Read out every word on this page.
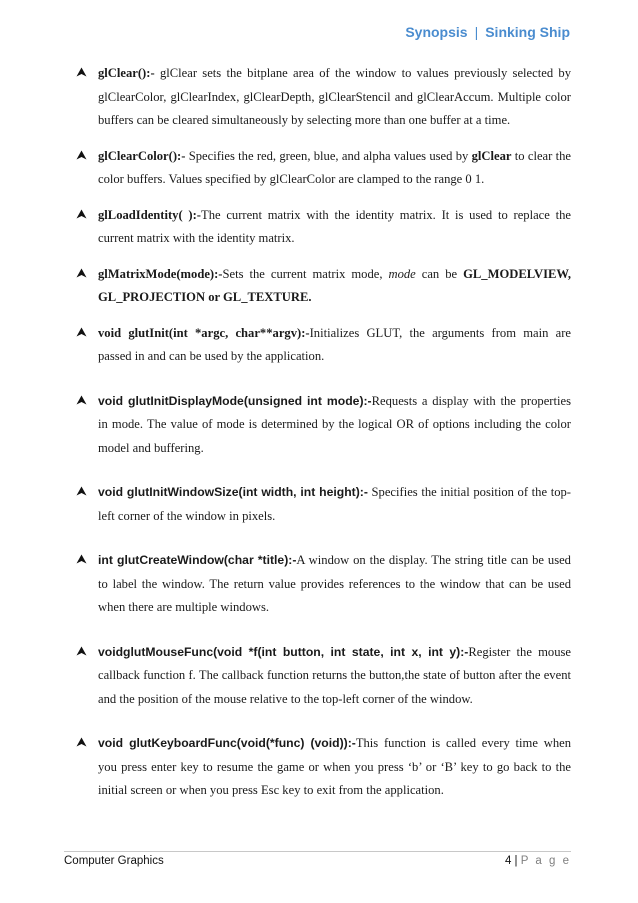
Synopsis | Sinking Ship
glClear():- glClear sets the bitplane area of the window to values previously selected by glClearColor, glClearIndex, glClearDepth, glClearStencil and glClearAccum. Multiple color buffers can be cleared simultaneously by selecting more than one buffer at a time.
glClearColor():- Specifies the red, green, blue, and alpha values used by glClear to clear the color buffers. Values specified by glClearColor are clamped to the range 0 1.
glLoadIdentity( ):-The current matrix with the identity matrix. It is used to replace the current matrix with the identity matrix.
glMatrixMode(mode):-Sets the current matrix mode, mode can be GL_MODELVIEW, GL_PROJECTION or GL_TEXTURE.
void glutInit(int *argc, char**argv):-Initializes GLUT, the arguments from main are passed in and can be used by the application.
void glutInitDisplayMode(unsigned int mode):-Requests a display with the properties in mode. The value of mode is determined by the logical OR of options including the color model and buffering.
void glutInitWindowSize(int width, int height):- Specifies the initial position of the top-left corner of the window in pixels.
int glutCreateWindow(char *title):-A window on the display. The string title can be used to label the window. The return value provides references to the window that can be used when there are multiple windows.
voidglutMouseFunc(void *f(int button, int state, int x, int y):-Register the mouse callback function f. The callback function returns the button,the state of button after the event and the position of the mouse relative to the top-left corner of the window.
void glutKeyboardFunc(void(*func) (void)):-This function is called every time when you press enter key to resume the game or when you press ‘b’ or ‘B’ key to go back to the initial screen or when you press Esc key to exit from the application.
Computer Graphics	4 | P a g e
